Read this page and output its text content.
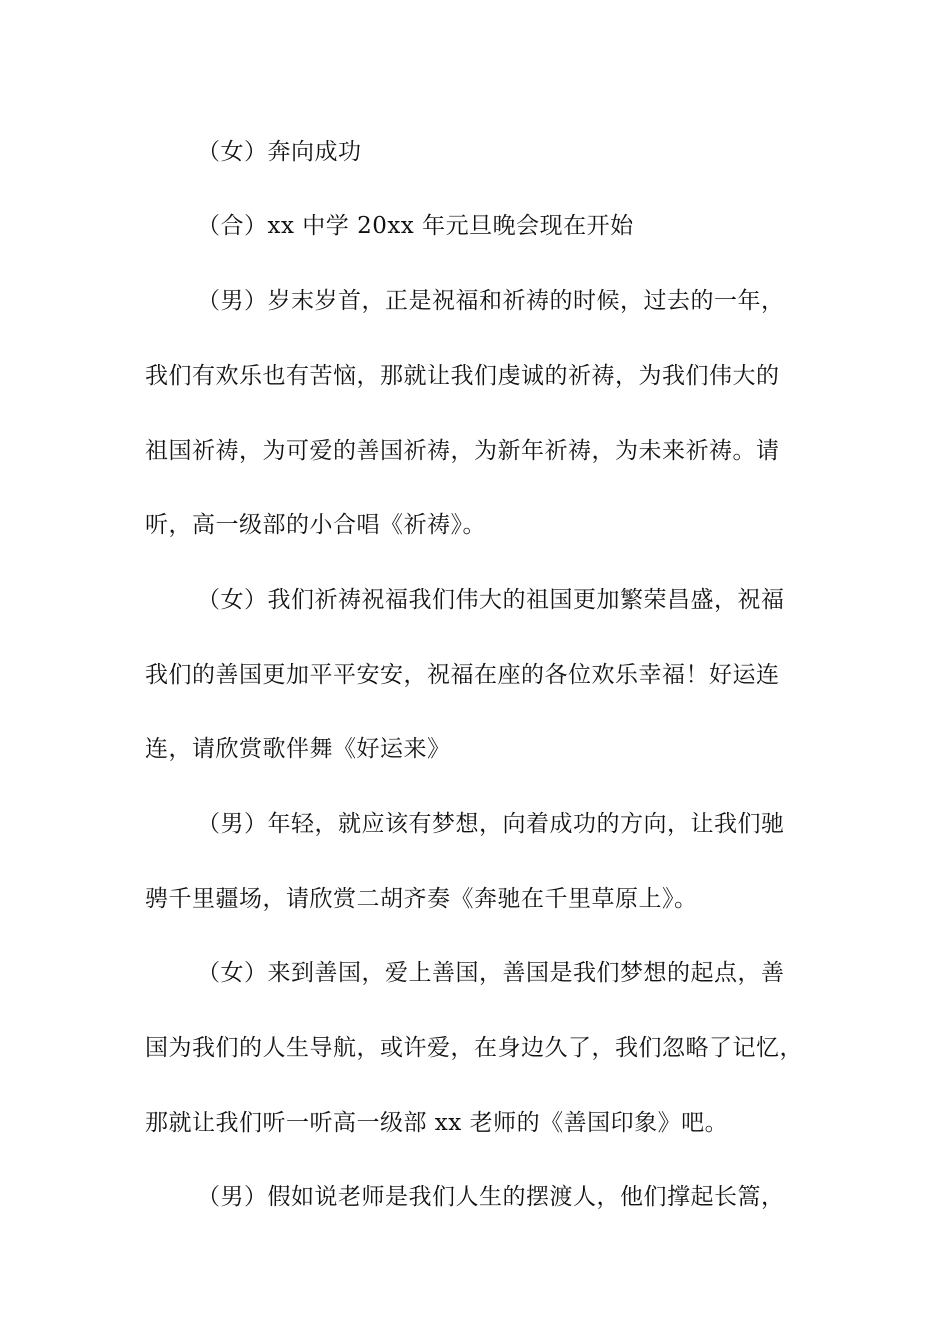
（女）奔向成功
（合）xx 中学 20xx 年元旦晚会现在开始
（男）岁末岁首，正是祝福和祈祷的时候，过去的一年，
我们有欢乐也有苦恼，那就让我们虔诚的祈祷，为我们伟大的
祖国祈祷，为可爱的善国祈祷，为新年祈祷，为未来祈祷。请
听，高一级部的小合唱《祈祷》。
（女）我们祈祷祝福我们伟大的祖国更加繁荣昌盛，祝福
我们的善国更加平平安安，祝福在座的各位欢乐幸福！好运连
连，请欣赏歌伴舞《好运来》
（男）年轻，就应该有梦想，向着成功的方向，让我们驰
骋千里疆场，请欣赏二胡齐奏《奔驰在千里草原上》。
（女）来到善国，爱上善国，善国是我们梦想的起点，善
国为我们的人生导航，或许爱，在身边久了，我们忽略了记忆，
那就让我们听一听高一级部 xx 老师的《善国印象》吧。
（男）假如说老师是我们人生的摆渡人，他们撑起长篙，
